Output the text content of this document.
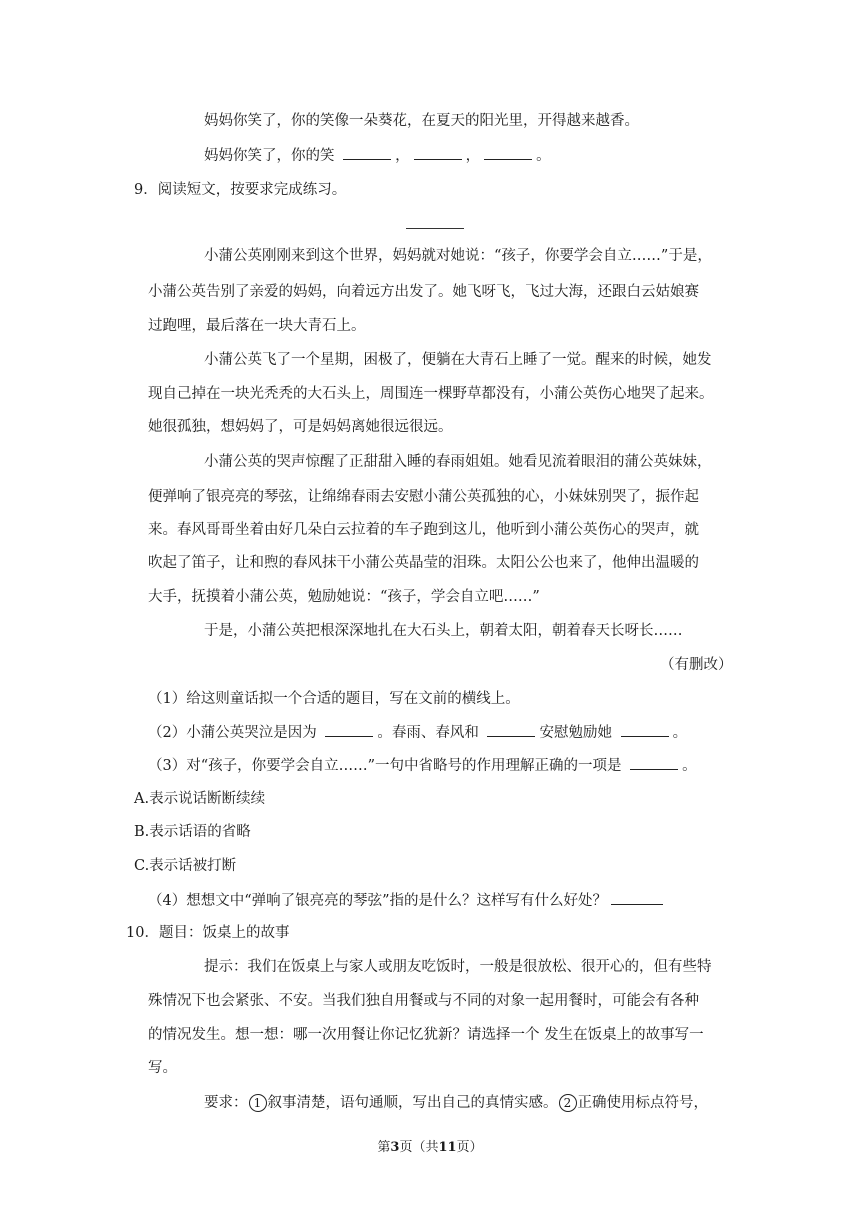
妈妈你笑了，你的笑像一朵葵花，在夏天的阳光里，开得越来越香。
妈妈你笑了，你的笑	，	，	。
9．阅读短文，按要求完成练习。
小蒲公英刚刚来到这个世界，妈妈就对她说：“孩子，你要学会自立……”于是，
小蒲公英告别了亲爱的妈妈，向着远方出发了。她飞呀飞，飞过大海，还跟白云姑娘赛
过跑哩，最后落在一块大青石上。
小蒲公英飞了一个星期，困极了，便躺在大青石上睡了一觉。醒来的时候，她发
现自己掉在一块光秃秃的大石头上，周围连一棵野草都没有，小蒲公英伤心地哭了起来。
她很孤独，想妈妈了，可是妈妈离她很远很远。
小蒲公英的哭声惊醒了正甜甜入睡的春雨姐姐。她看见流着眼泪的蒲公英妹妹，
便弹响了银亮亮的琴弦，让绵绵春雨去安慰小蒲公英孤独的心，小妹妹别哭了，振作起
来。春风哥哥坐着由好几朵白云拉着的车子跑到这儿，他听到小蒲公英伤心的哭声，就
吹起了笛子，让和煦的春风抹干小蒲公英晶莹的泪珠。太阳公公也来了，他伸出温暖的
大手，抚摸着小蒲公英，勉励她说：“孩子，学会自立吧……”
于是，小蒲公英把根深深地扎在大石头上，朝着太阳，朝着春天长呀长……
（有删改）
（1）给这则童话拟一个合适的题目，写在文前的横线上。
（2）小蒲公英哭泣是因为	。春雨、春风和	安慰勉励她	。
（3）对“孩子，你要学会自立……”一句中省略号的作用理解正确的一项是	。
A.表示说话断断续续
B.表示话语的省略
C.表示话被打断
（4）想想文中“弹响了银亮亮的琴弦”指的是什么？这样写有什么好处？
10．题目：饭桌上的故事
提示：我们在饭桌上与家人或朋友吃饭时，一般是很放松、很开心的，但有些特
殊情况下也会紧张、不安。当我们独自用餐或与不同的对象一起用餐时，可能会有各种
的情况发生。想一想：哪一次用餐让你记忆犹新？请选择一个 发生在饭桌上的故事写一
写。
要求： 1 叙事清楚，语句通顺，写出自己的真情实感。 2 正确使用标点符号，
第3页（共11页）
